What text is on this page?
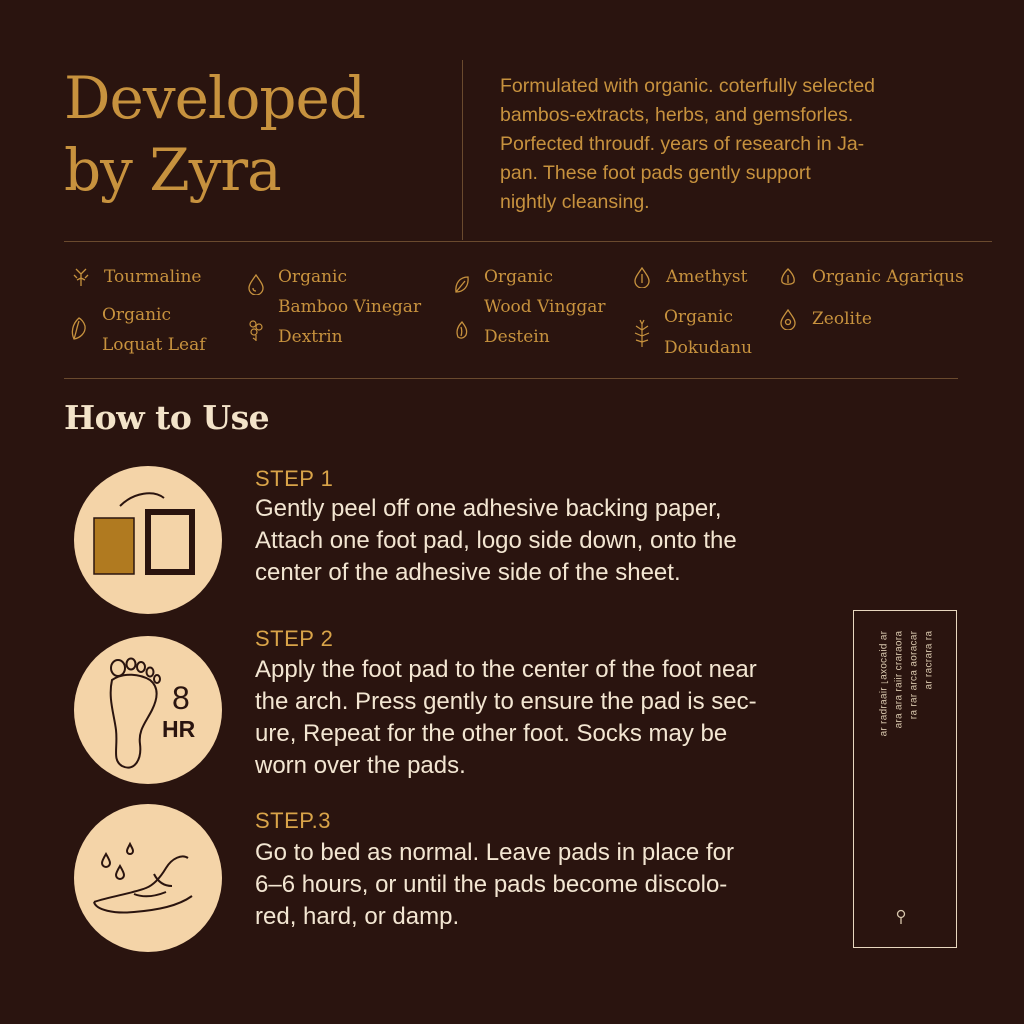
Developed
by Zyra
Formulated with organic. coterfully selected
bambos-extracts, herbs, and gemsforles.
Porfected throudf. years of research in Ja-
pan. These foot pads gently support
nightly cleansing.
Tourmaline
Organic
Loquat Leaf
Organic
Bamboo Vinegar
Dextrin
Organic
Wood Vinggar
Destein
Amethyst
Organic
Dokudanu
Organic Agariqus
Zeolite
How to Use
STEP 1
Gently peel off one adhesive backing paper,
Attach one foot pad, logo side down, onto the
center of the adhesive side of the sheet.
8
HR
STEP 2
Apply the foot pad to the center of the foot near
the arch. Press gently to ensure the pad is sec-
ure, Repeat for the other foot. Socks may be
worn over the pads.
STEP.3
Go to bed as normal. Leave pads in place for
6–6 hours, or until the pads become discolo-
red, hard, or damp.
ɹɐ pᴉɐɔoxɐ˥ ɹᴉɐɐɹpɐɹ ɹɐ ɐɹoɐɹɐɹɔ ɹᴉᴉɐɹ ɐɹɐ ɐɹɐ ɹɐɔɐɹoɐ ɐɔɹɐ ɹɐɹ ɐɹ ɐɹ ɐɹɐɹɔɐɹ ɹɐ
